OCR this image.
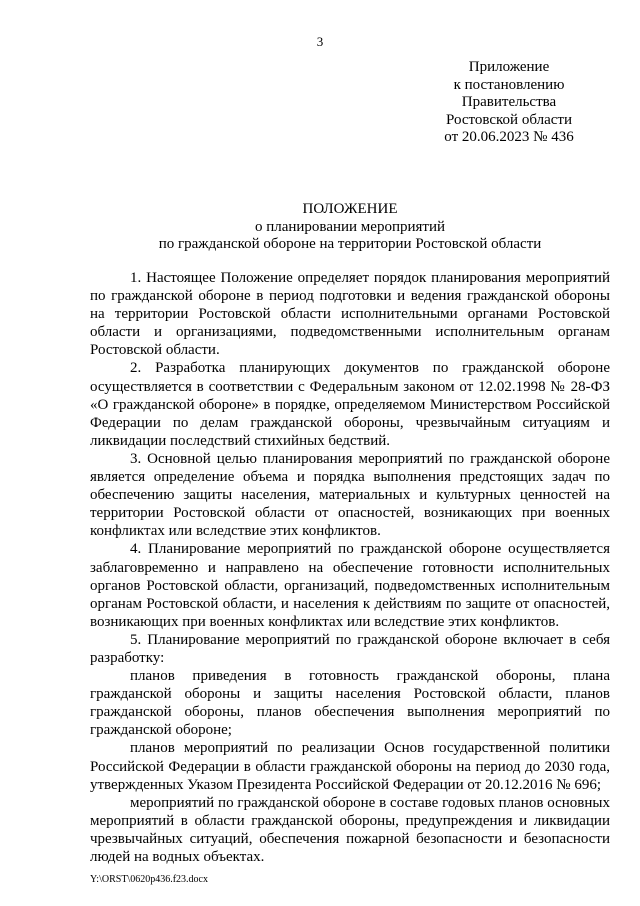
3
Приложение
к постановлению
Правительства
Ростовской области
от 20.06.2023 № 436
ПОЛОЖЕНИЕ
о планировании мероприятий
по гражданской обороне на территории Ростовской области

1. Настоящее Положение определяет порядок планирования мероприятий по гражданской обороне в период подготовки и ведения гражданской обороны на территории Ростовской области исполнительными органами Ростовской области и организациями, подведомственными исполнительным органам Ростовской области.

2. Разработка планирующих документов по гражданской обороне осуществляется в соответствии с Федеральным законом от 12.02.1998 № 28-ФЗ «О гражданской обороне» в порядке, определяемом Министерством Российской Федерации по делам гражданской обороны, чрезвычайным ситуациям и ликвидации последствий стихийных бедствий.

3. Основной целью планирования мероприятий по гражданской обороне является определение объема и порядка выполнения предстоящих задач по обеспечению защиты населения, материальных и культурных ценностей на территории Ростовской области от опасностей, возникающих при военных конфликтах или вследствие этих конфликтов.

4. Планирование мероприятий по гражданской обороне осуществляется заблаговременно и направлено на обеспечение готовности исполнительных органов Ростовской области, организаций, подведомственных исполнительным органам Ростовской области, и населения к действиям по защите от опасностей, возникающих при военных конфликтах или вследствие этих конфликтов.

5. Планирование мероприятий по гражданской обороне включает в себя разработку:

планов приведения в готовность гражданской обороны, плана гражданской обороны и защиты населения Ростовской области, планов гражданской обороны, планов обеспечения выполнения мероприятий по гражданской обороне;

планов мероприятий по реализации Основ государственной политики Российской Федерации в области гражданской обороны на период до 2030 года, утвержденных Указом Президента Российской Федерации от 20.12.2016 № 696;

мероприятий по гражданской обороне в составе годовых планов основных мероприятий в области гражданской обороны, предупреждения и ликвидации чрезвычайных ситуаций, обеспечения пожарной безопасности и безопасности людей на водных объектах.

Y:\ORST\0620p436.f23.docx
